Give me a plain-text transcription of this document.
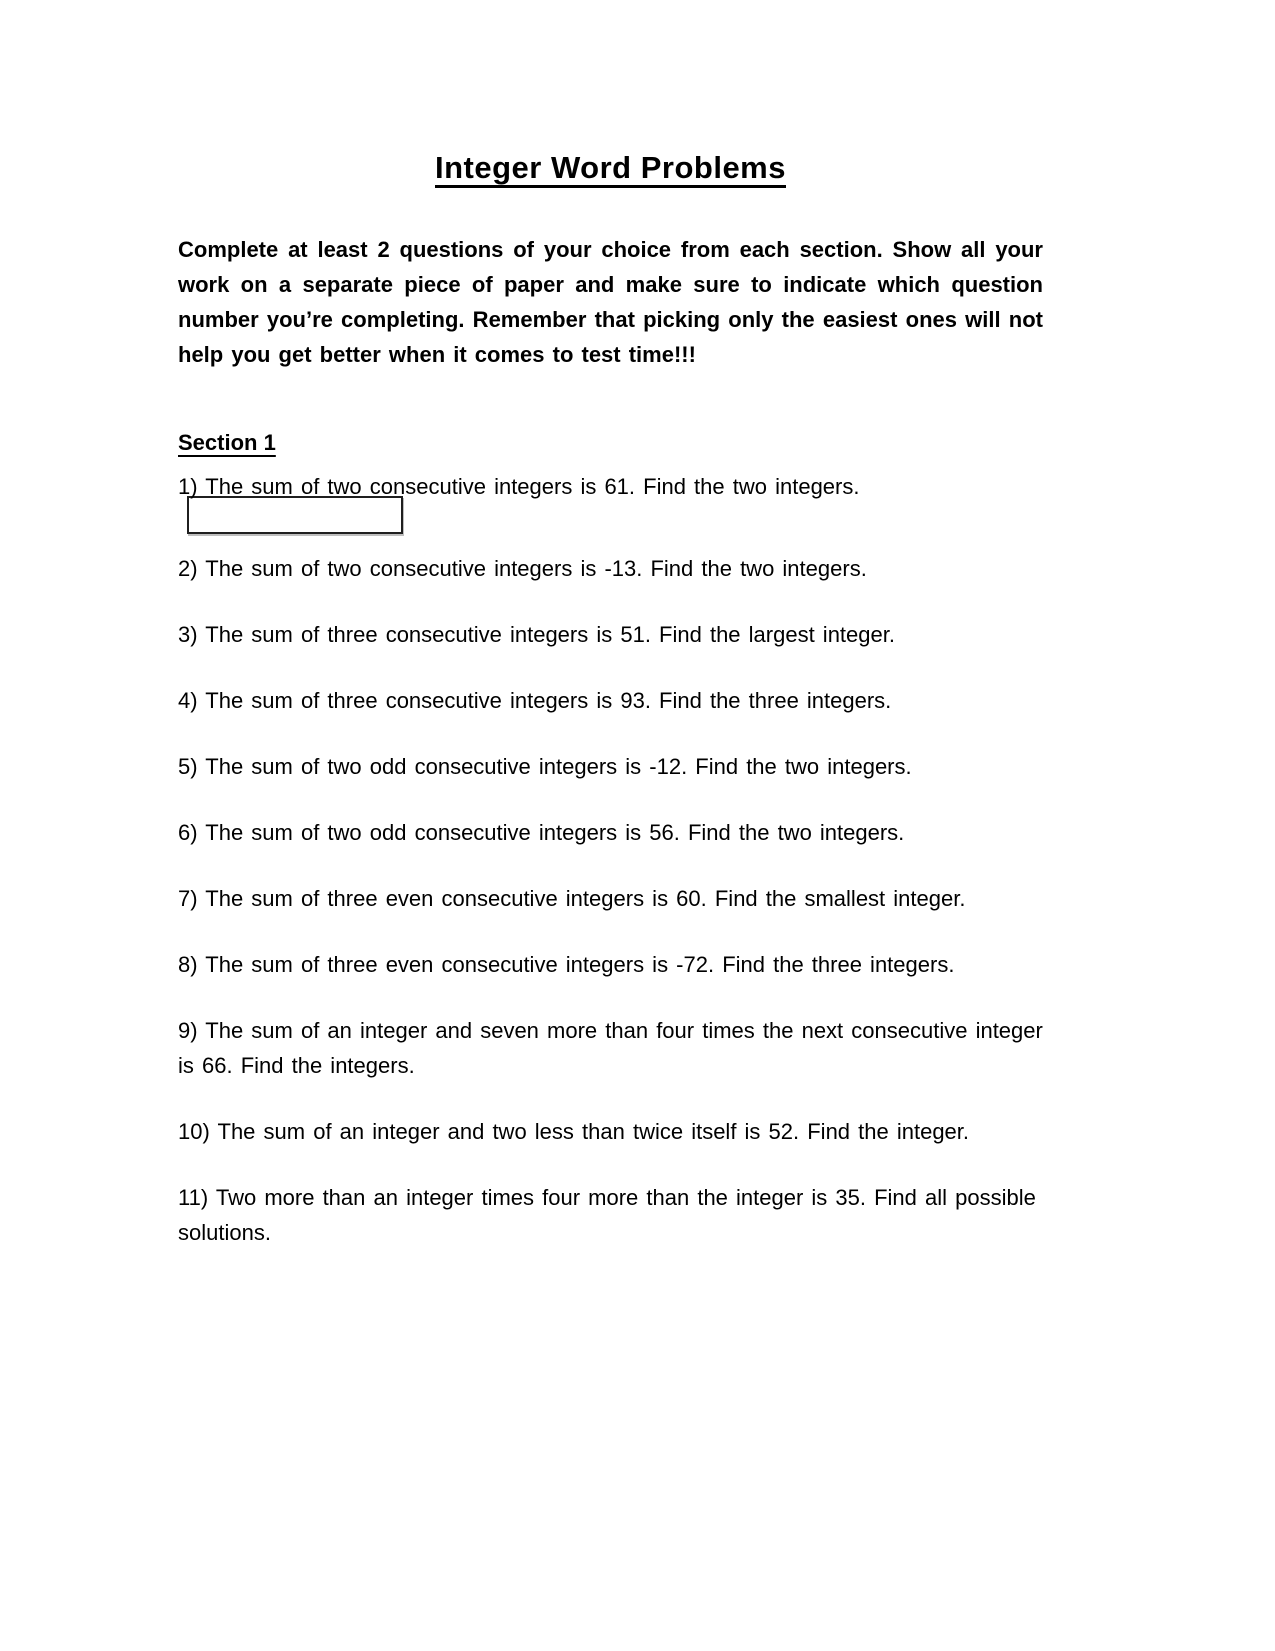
Integer Word Problems

Complete at least 2 questions of your choice from each section. Show all your work on a separate piece of paper and make sure to indicate which question number you’re completing. Remember that picking only the easiest ones will not help you get better when it comes to test time!!!

Section 1
1) The sum of two consecutive integers is 61. Find the two integers.
2) The sum of two consecutive integers is -13. Find the two integers.
3) The sum of three consecutive integers is 51. Find the largest integer.
4) The sum of three consecutive integers is 93. Find the three integers.
5) The sum of two odd consecutive integers is -12. Find the two integers.
6) The sum of two odd consecutive integers is 56. Find the two integers.
7) The sum of three even consecutive integers is 60. Find the smallest integer.
8) The sum of three even consecutive integers is -72. Find the three integers.
9) The sum of an integer and seven more than four times the next consecutive integer is 66. Find the integers.
10) The sum of an integer and two less than twice itself is 52. Find the integer.
11) Two more than an integer times four more than the integer is 35. Find all possible solutions.
